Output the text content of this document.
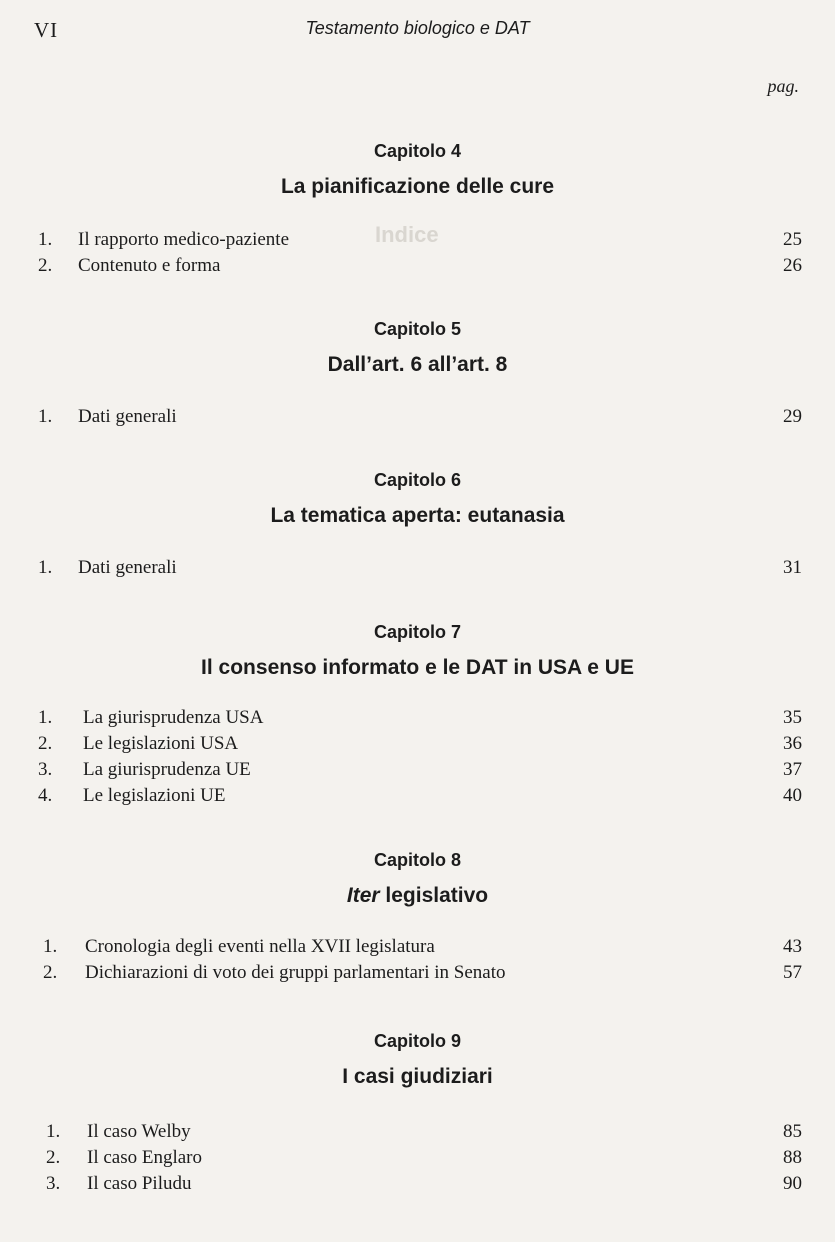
Indice
VI	Testamento biologico e DAT
pag.
Capitolo 4
La pianificazione delle cure
1. Il rapporto medico-paziente	25
2. Contenuto e forma	26
Capitolo 5
Dall’art. 6 all’art. 8
1. Dati generali	29
Capitolo 6
La tematica aperta: eutanasia
1. Dati generali	31
Capitolo 7
Il consenso informato e le DAT in USA e UE
1. La giurisprudenza USA	35
2. Le legislazioni USA	36
3. La giurisprudenza UE	37
4. Le legislazioni UE	40
Capitolo 8
Iter legislativo
1. Cronologia degli eventi nella XVII legislatura	43
2. Dichiarazioni di voto dei gruppi parlamentari in Senato	57
Capitolo 9
I casi giudiziari
1. Il caso Welby	85
2. Il caso Englaro	88
3. Il caso Piludu	90
